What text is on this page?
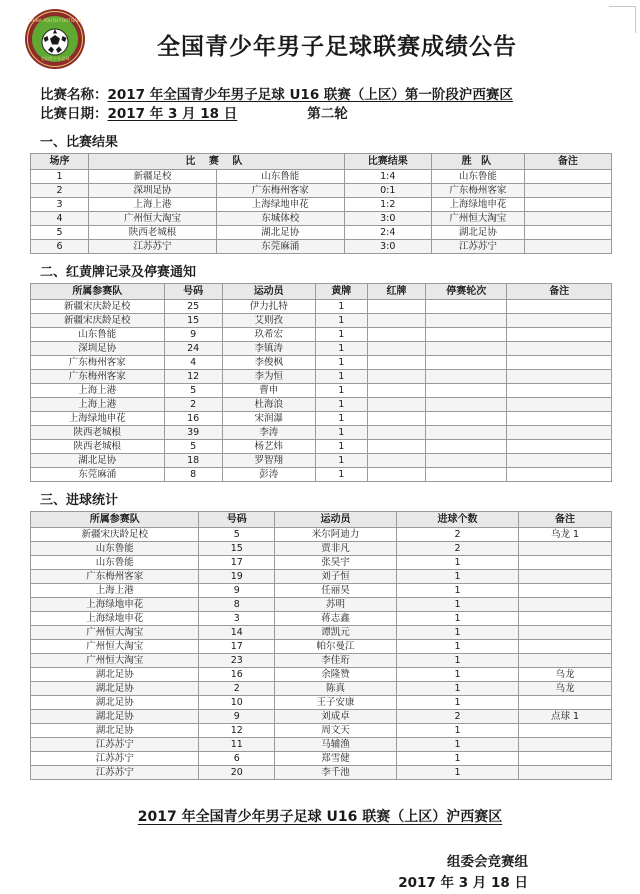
CHINA YOUTH FOOTBALL
全国青少年足球	全国青少年男子足球联赛成绩公告
比赛名称：2017 年全国青少年男子足球 U16 联赛（上区）第一阶段沪西赛区
比赛日期：2017 年 3 月 18 日	第二轮
一、比赛结果
场序	比 赛 队		比赛结果	胜 队	备注
1	新疆足校	山东鲁能	1:4	山东鲁能	
2	深圳足协	广东梅州客家	0:1	广东梅州客家	
3	上海上港	上海绿地申花	1:2	上海绿地申花	
4	广州恒大淘宝	东城体校	3:0	广州恒大淘宝	
5	陕西老城根	湖北足协	2:4	湖北足协	
6	江苏苏宁	东莞麻涌	3:0	江苏苏宁	
二、红黄牌记录及停赛通知
所属参赛队	号码	运动员	黄牌	红牌	停赛轮次	备注
新疆宋庆龄足校	25	伊力扎特	1			
新疆宋庆龄足校	15	艾则孜	1			
山东鲁能	9	玖希宏	1			
深圳足协	24	李镇涛	1			
广东梅州客家	4	李俊枫	1			
广东梅州客家	12	李为恒	1			
上海上港	5	曹申	1			
上海上港	2	杜海浪	1			
上海绿地申花	16	宋润瀑	1			
陕西老城根	39	李涛	1			
陕西老城根	5	杨艺炜	1			
湖北足协	18	罗智翔	1			
东莞麻涌	8	彭涛	1			
三、进球统计
所属参赛队	号码	运动员	进球个数	备注
新疆宋庆龄足校	5	米尔阿迪力	2	乌龙 1
山东鲁能	15	贾非凡	2	
山东鲁能	17	张昊宇	1	
广东梅州客家	19	刘子恒	1	
上海上港	9	任丽昊	1	
上海绿地申花	8	苏明	1	
上海绿地申花	3	蒋志鑫	1	
广州恒大淘宝	14	谭凯元	1	
广州恒大淘宝	17	帕尔曼江	1	
广州恒大淘宝	23	李佳珩	1	
湖北足协	16	余隆赞	1	乌龙
湖北足协	2	陈真	1	乌龙
湖北足协	10	王子安康	1	
湖北足协	9	刘成卓	2	点球 1
湖北足协	12	周文天	1	
江苏苏宁	11	马辅渔	1	
江苏苏宁	6	郑雪健	1	
江苏苏宁	20	李千池	1	
2017 年全国青少年男子足球 U16 联赛（上区）沪西赛区
组委会竞赛组
2017 年 3 月 18 日
